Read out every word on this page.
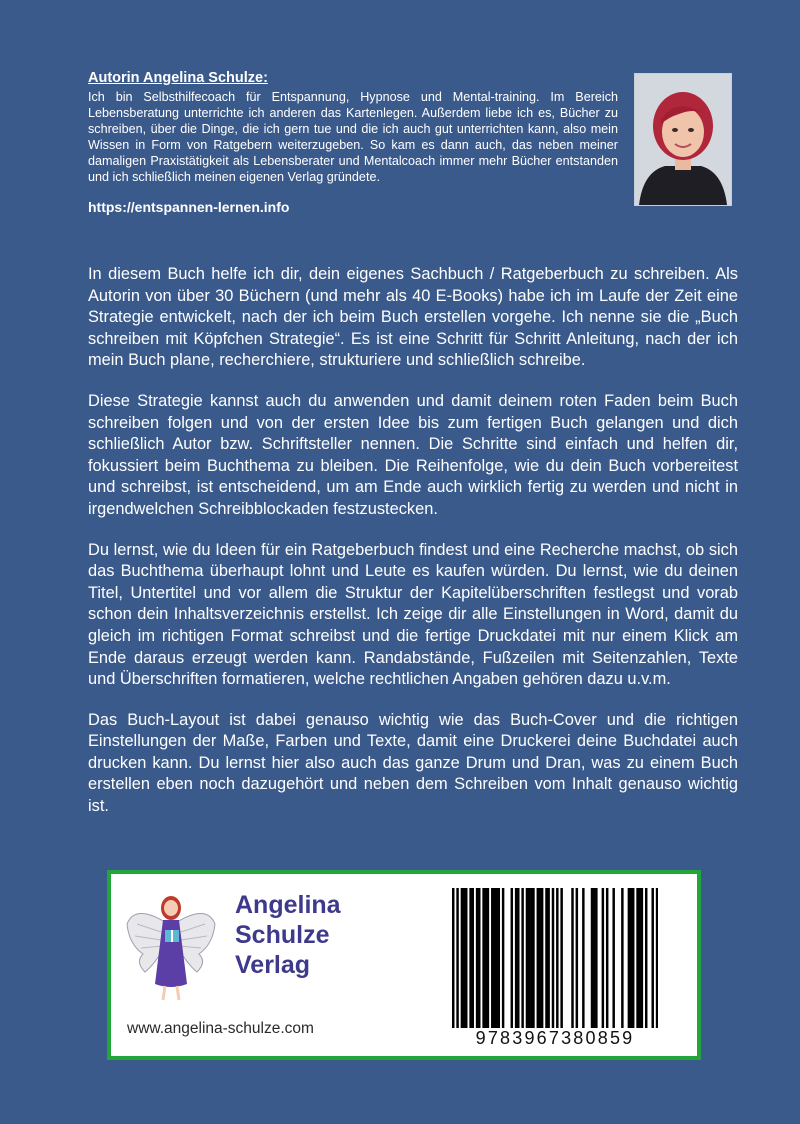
Autorin Angelina Schulze:

Ich bin Selbsthilfecoach für Entspannung, Hypnose und Mental-training. Im Bereich Lebensberatung unterrichte ich anderen das Kartenlegen. Außerdem liebe ich es, Bücher zu schreiben, über die Dinge, die ich gern tue und die ich auch gut unterrichten kann, also mein Wissen in Form von Ratgebern weiterzugeben. So kam es dann auch, das neben meiner damaligen Praxistätigkeit als Lebensberater und Mentalcoach immer mehr Bücher entstanden und ich schließlich meinen eigenen Verlag gründete.

https://entspannen-lernen.info

In diesem Buch helfe ich dir, dein eigenes Sachbuch / Ratgeberbuch zu schreiben. Als Autorin von über 30 Büchern (und mehr als 40 E-Books) habe ich im Laufe der Zeit eine Strategie entwickelt, nach der ich beim Buch erstellen vorgehe. Ich nenne sie die „Buch schreiben mit Köpfchen Strategie“. Es ist eine Schritt für Schritt Anleitung, nach der ich mein Buch plane, recherchiere, strukturiere und schließlich schreibe.

Diese Strategie kannst auch du anwenden und damit deinem roten Faden beim Buch schreiben folgen und von der ersten Idee bis zum fertigen Buch gelangen und dich schließlich Autor bzw. Schriftsteller nennen. Die Schritte sind einfach und helfen dir, fokussiert beim Buchthema zu bleiben. Die Reihenfolge, wie du dein Buch vorbereitest und schreibst, ist entscheidend, um am Ende auch wirklich fertig zu werden und nicht in irgendwelchen Schreibblockaden festzustecken.

Du lernst, wie du Ideen für ein Ratgeberbuch findest und eine Recherche machst, ob sich das Buchthema überhaupt lohnt und Leute es kaufen würden. Du lernst, wie du deinen Titel, Untertitel und vor allem die Struktur der Kapitelüberschriften festlegst und vorab schon dein Inhaltsverzeichnis erstellst. Ich zeige dir alle Einstellungen in Word, damit du gleich im richtigen Format schreibst und die fertige Druckdatei mit nur einem Klick am Ende daraus erzeugt werden kann. Randabstände, Fußzeilen mit Seitenzahlen, Texte und Überschriften formatieren, welche rechtlichen Angaben gehören dazu u.v.m.

Das Buch-Layout ist dabei genauso wichtig wie das Buch-Cover und die richtigen Einstellungen der Maße, Farben und Texte, damit eine Druckerei deine Buchdatei auch drucken kann. Du lernst hier also auch das ganze Drum und Dran, was zu einem Buch erstellen eben noch dazugehört und neben dem Schreiben vom Inhalt genauso wichtig ist.

Angelina
Schulze
Verlag
www.angelina-schulze.com	9783967380859
